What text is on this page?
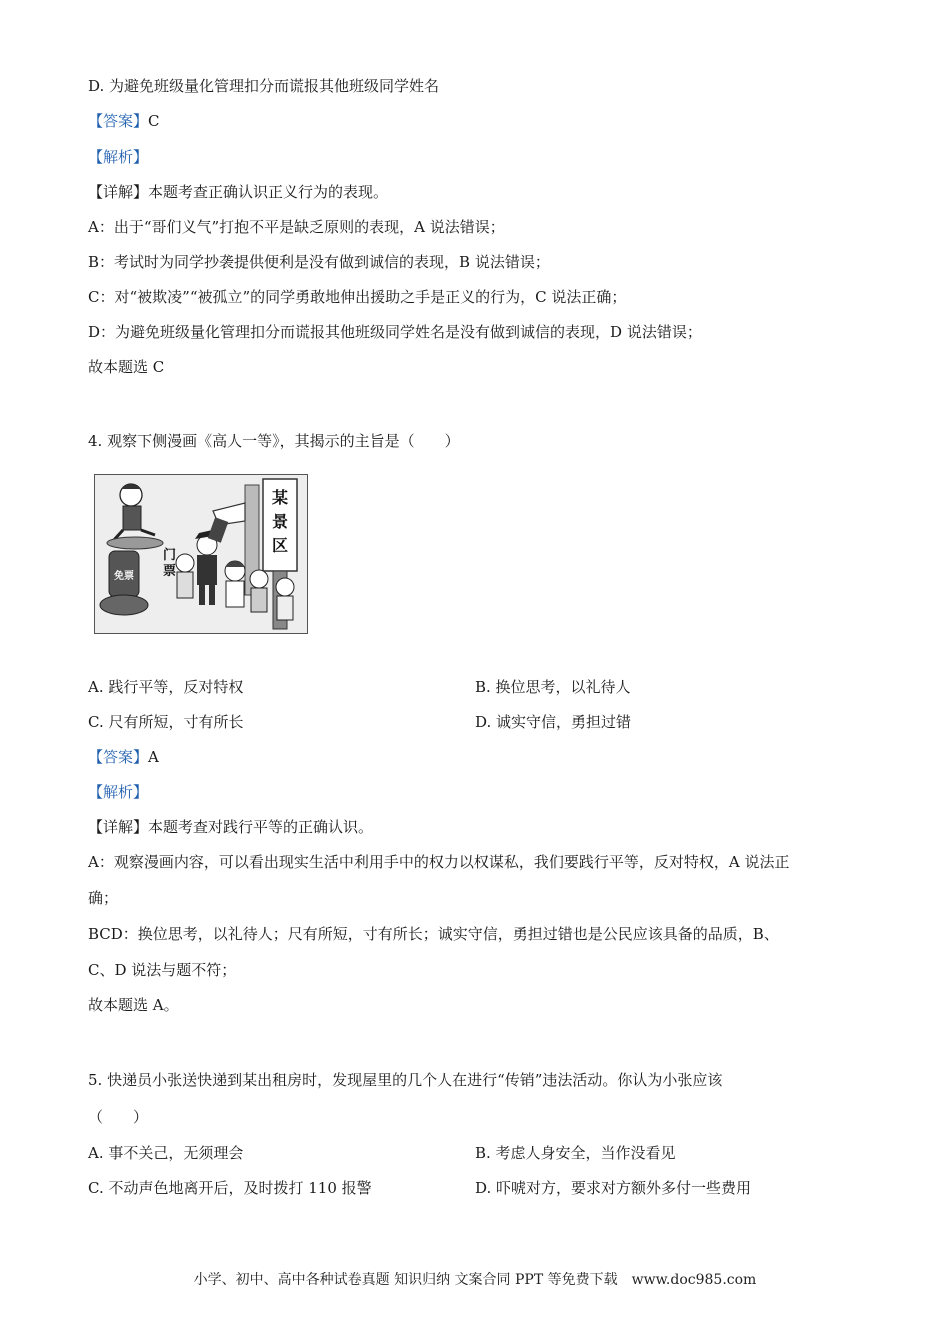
D. 为避免班级量化管理扣分而谎报其他班级同学姓名
【答案】C
【解析】
【详解】本题考查正确认识正义行为的表现。
A：出于“哥们义气”打抱不平是缺乏原则的表现，A 说法错误；
B：考试时为同学抄袭提供便利是没有做到诚信的表现，B 说法错误；
C：对“被欺凌”“被孤立”的同学勇敢地伸出援助之手是正义的行为，C 说法正确；
D：为避免班级量化管理扣分而谎报其他班级同学姓名是没有做到诚信的表现，D 说法错误；
故本题选 C
4. 观察下侧漫画《高人一等》，其揭示的主旨是（　　）
某
景
区
免票
门
票
A. 践行平等，反对特权	B. 换位思考，以礼待人
C. 尺有所短，寸有所长	D. 诚实守信，勇担过错
【答案】A
【解析】
【详解】本题考查对践行平等的正确认识。
A：观察漫画内容，可以看出现实生活中利用手中的权力以权谋私，我们要践行平等，反对特权，A 说法正
确；
BCD：换位思考，以礼待人；尺有所短，寸有所长；诚实守信，勇担过错也是公民应该具备的品质，B、
C、D 说法与题不符；
故本题选 A。
5. 快递员小张送快递到某出租房时，发现屋里的几个人在进行“传销”违法活动。你认为小张应该
（　　）
A. 事不关己，无须理会	B. 考虑人身安全，当作没看见
C. 不动声色地离开后，及时拨打 110 报警	D. 吓唬对方，要求对方额外多付一些费用
小学、初中、高中各种试卷真题 知识归纳 文案合同 PPT 等免费下载　www.doc985.com
